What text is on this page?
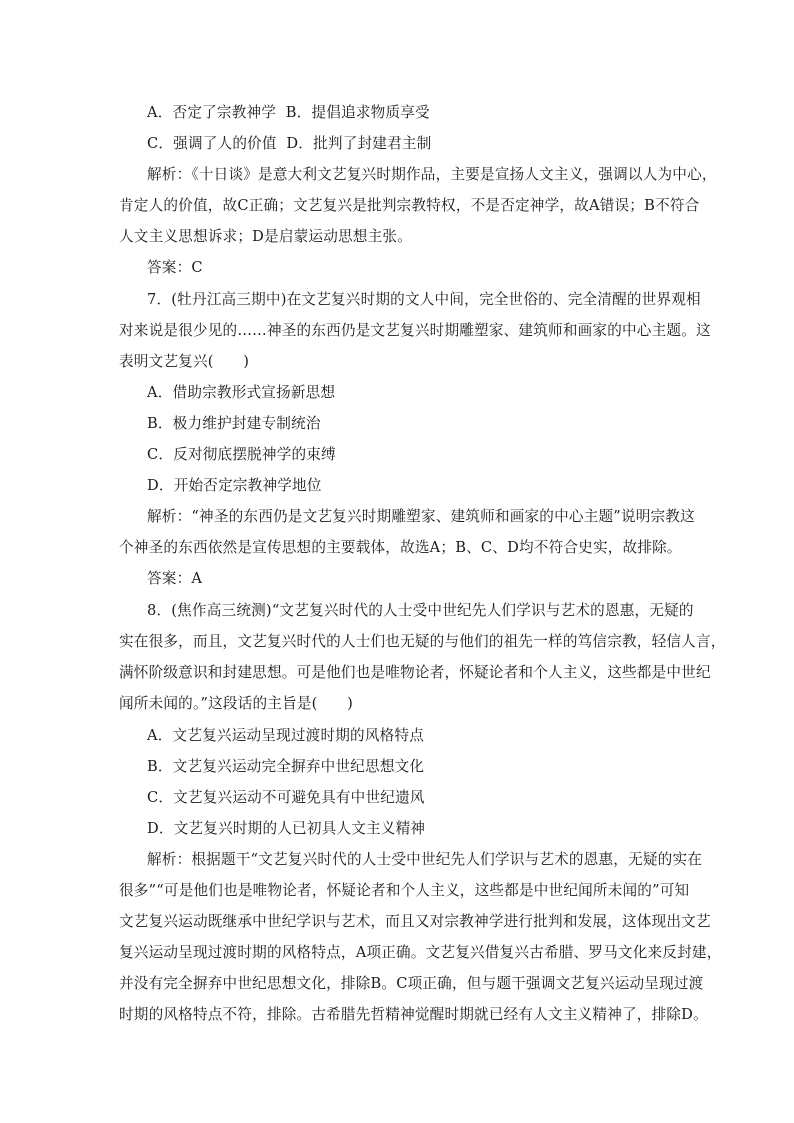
A．否定了宗教神学 B．提倡追求物质享受
C．强调了人的价值 D．批判了封建君主制
解析：《十日谈》是意大利文艺复兴时期作品，主要是宣扬人文主义，强调以人为中心，
肯定人的价值，故C正确；文艺复兴是批判宗教特权，不是否定神学，故A错误；B不符合
人文主义思想诉求；D是启蒙运动思想主张。
答案：C
7．(牡丹江高三期中)在文艺复兴时期的文人中间，完全世俗的、完全清醒的世界观相
对来说是很少见的……神圣的东西仍是文艺复兴时期雕塑家、建筑师和画家的中心主题。这
表明文艺复兴(　　)
A．借助宗教形式宣扬新思想
B．极力维护封建专制统治
C．反对彻底摆脱神学的束缚
D．开始否定宗教神学地位
解析：“神圣的东西仍是文艺复兴时期雕塑家、建筑师和画家的中心主题”说明宗教这
个神圣的东西依然是宣传思想的主要载体，故选A；B、C、D均不符合史实，故排除。
答案：A
8．(焦作高三统测)“文艺复兴时代的人士受中世纪先人们学识与艺术的恩惠，无疑的
实在很多，而且，文艺复兴时代的人士们也无疑的与他们的祖先一样的笃信宗教，轻信人言，
满怀阶级意识和封建思想。可是他们也是唯物论者，怀疑论者和个人主义，这些都是中世纪
闻所未闻的。”这段话的主旨是(　　)
A．文艺复兴运动呈现过渡时期的风格特点
B．文艺复兴运动完全摒弃中世纪思想文化
C．文艺复兴运动不可避免具有中世纪遗风
D．文艺复兴时期的人已初具人文主义精神
解析：根据题干“文艺复兴时代的人士受中世纪先人们学识与艺术的恩惠，无疑的实在
很多”“可是他们也是唯物论者，怀疑论者和个人主义，这些都是中世纪闻所未闻的”可知
文艺复兴运动既继承中世纪学识与艺术，而且又对宗教神学进行批判和发展，这体现出文艺
复兴运动呈现过渡时期的风格特点，A项正确。文艺复兴借复兴古希腊、罗马文化来反封建，
并没有完全摒弃中世纪思想文化，排除B。C项正确，但与题干强调文艺复兴运动呈现过渡
时期的风格特点不符，排除。古希腊先哲精神觉醒时期就已经有人文主义精神了，排除D。
